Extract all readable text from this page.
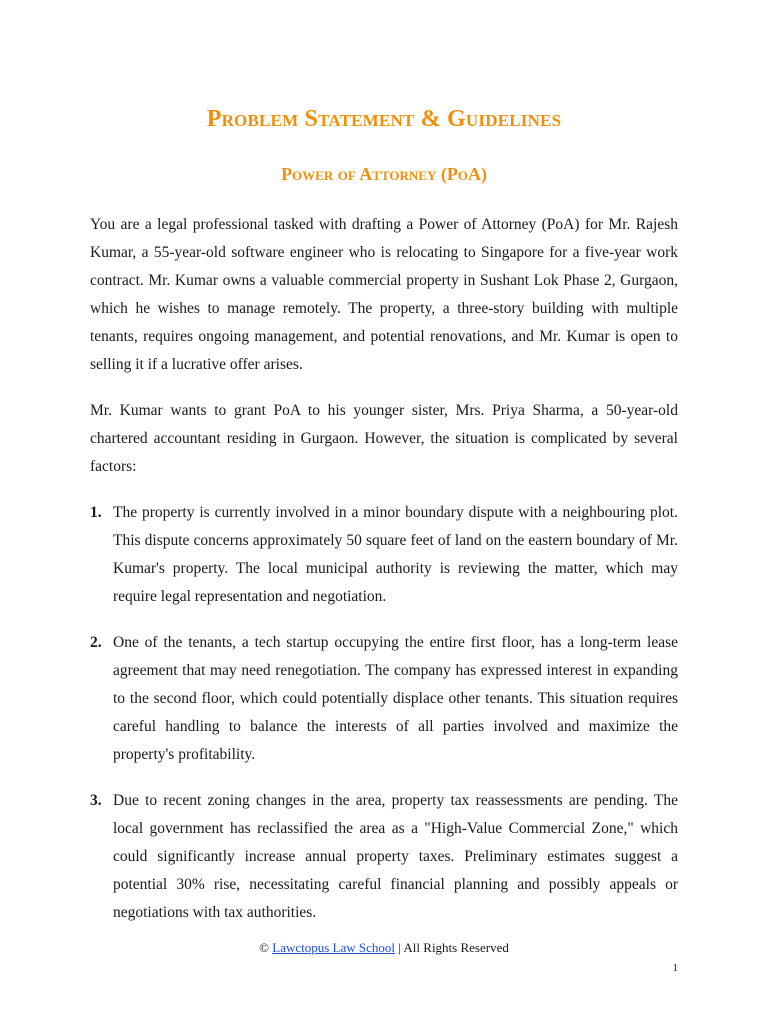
Problem Statement & Guidelines
Power of Attorney (PoA)

You are a legal professional tasked with drafting a Power of Attorney (PoA) for Mr. Rajesh Kumar, a 55-year-old software engineer who is relocating to Singapore for a five-year work contract. Mr. Kumar owns a valuable commercial property in Sushant Lok Phase 2, Gurgaon, which he wishes to manage remotely. The property, a three-story building with multiple tenants, requires ongoing management, and potential renovations, and Mr. Kumar is open to selling it if a lucrative offer arises.

Mr. Kumar wants to grant PoA to his younger sister, Mrs. Priya Sharma, a 50-year-old chartered accountant residing in Gurgaon. However, the situation is complicated by several factors:

1. The property is currently involved in a minor boundary dispute with a neighbouring plot. This dispute concerns approximately 50 square feet of land on the eastern boundary of Mr. Kumar's property. The local municipal authority is reviewing the matter, which may require legal representation and negotiation.
2. One of the tenants, a tech startup occupying the entire first floor, has a long-term lease agreement that may need renegotiation. The company has expressed interest in expanding to the second floor, which could potentially displace other tenants. This situation requires careful handling to balance the interests of all parties involved and maximize the property's profitability.
3. Due to recent zoning changes in the area, property tax reassessments are pending. The local government has reclassified the area as a "High-Value Commercial Zone," which could significantly increase annual property taxes. Preliminary estimates suggest a potential 30% rise, necessitating careful financial planning and possibly appeals or negotiations with tax authorities.
© Lawctopus Law School | All Rights Reserved
1
